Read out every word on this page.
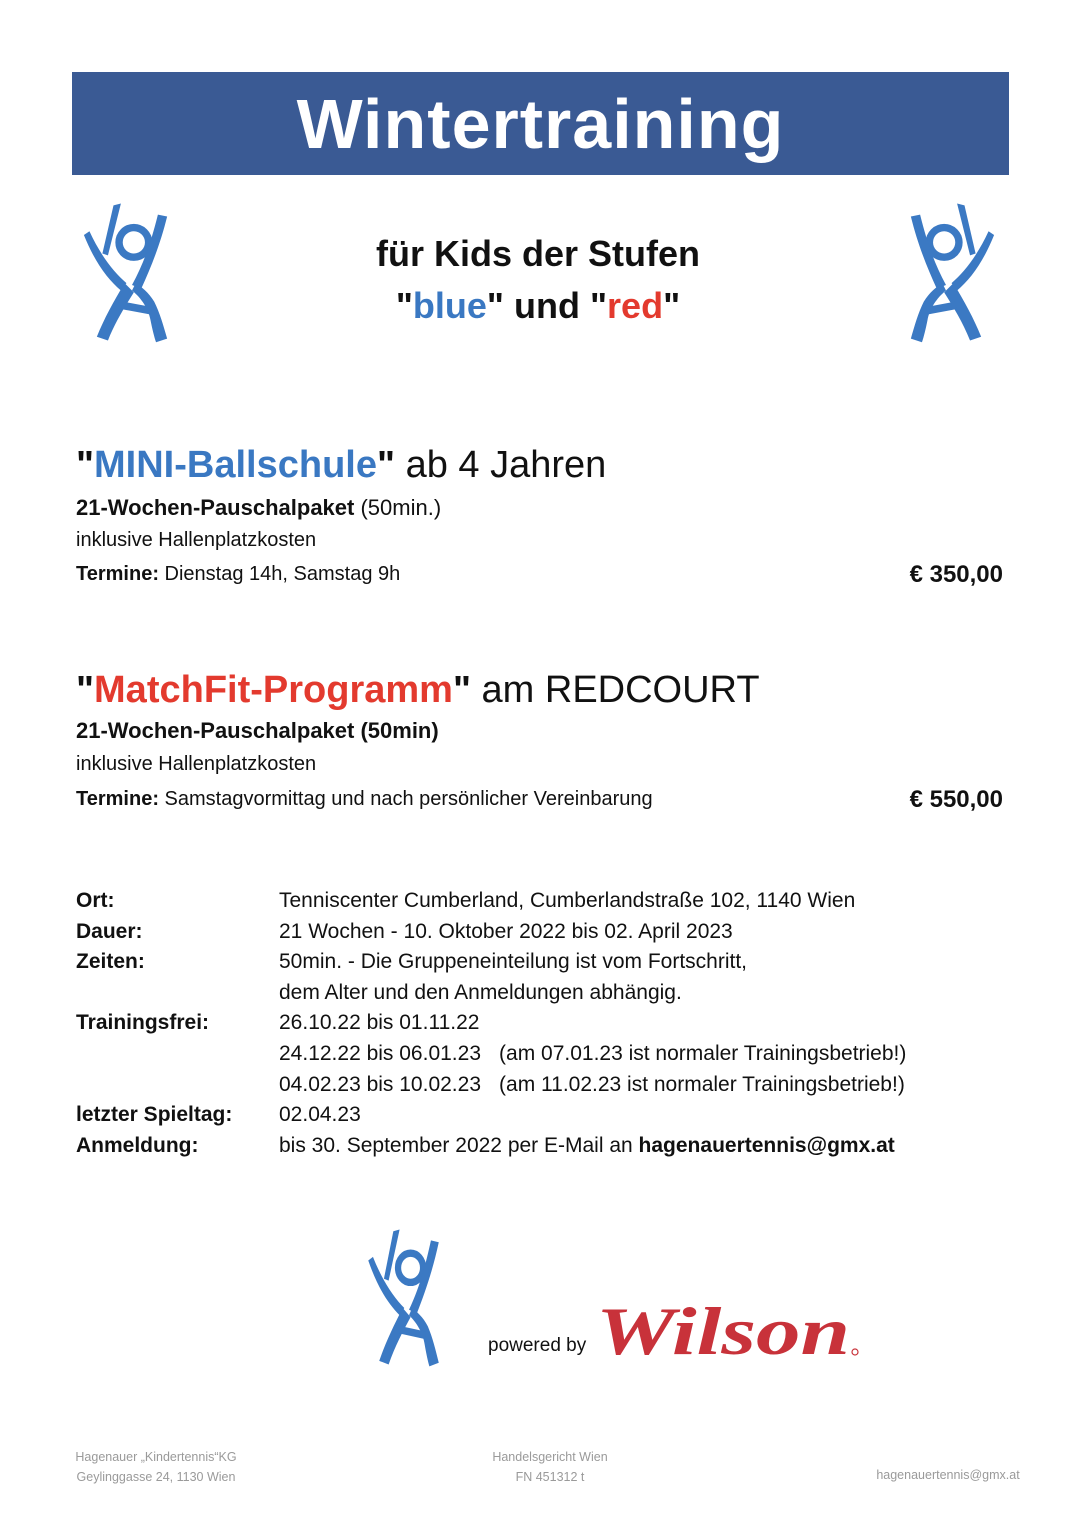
Wintertraining
für Kids der Stufen
"blue" und "red"
"MINI-Ballschule" ab 4 Jahren
21-Wochen-Pauschalpaket (50min.)
inklusive Hallenplatzkosten
Termine: Dienstag 14h, Samstag 9h	€ 350,00
"MatchFit-Programm" am REDCOURT
21-Wochen-Pauschalpaket (50min)
inklusive Hallenplatzkosten
Termine: Samstagvormittag und nach persönlicher Vereinbarung	€ 550,00
Ort:	Tenniscenter Cumberland, Cumberlandstraße 102, 1140 Wien
Dauer:	21 Wochen - 10. Oktober 2022 bis 02. April 2023
Zeiten:	50min. - Die Gruppeneinteilung ist vom Fortschritt,
dem Alter und den Anmeldungen abhängig.
Trainingsfrei:	26.10.22 bis 01.11.22
24.12.22 bis 06.01.23 (am 07.01.23 ist normaler Trainingsbetrieb!)
04.02.23 bis 10.02.23 (am 11.02.23 ist normaler Trainingsbetrieb!)
letzter Spieltag:	02.04.23
Anmeldung:	bis 30. September 2022 per E-Mail an hagenauertennis@gmx.at
powered by Wilson
Hagenauer „Kindertennis“KG
Geylinggasse 24, 1130 Wien
Handelsgericht Wien
FN 451312 t	hagenauertennis@gmx.at
